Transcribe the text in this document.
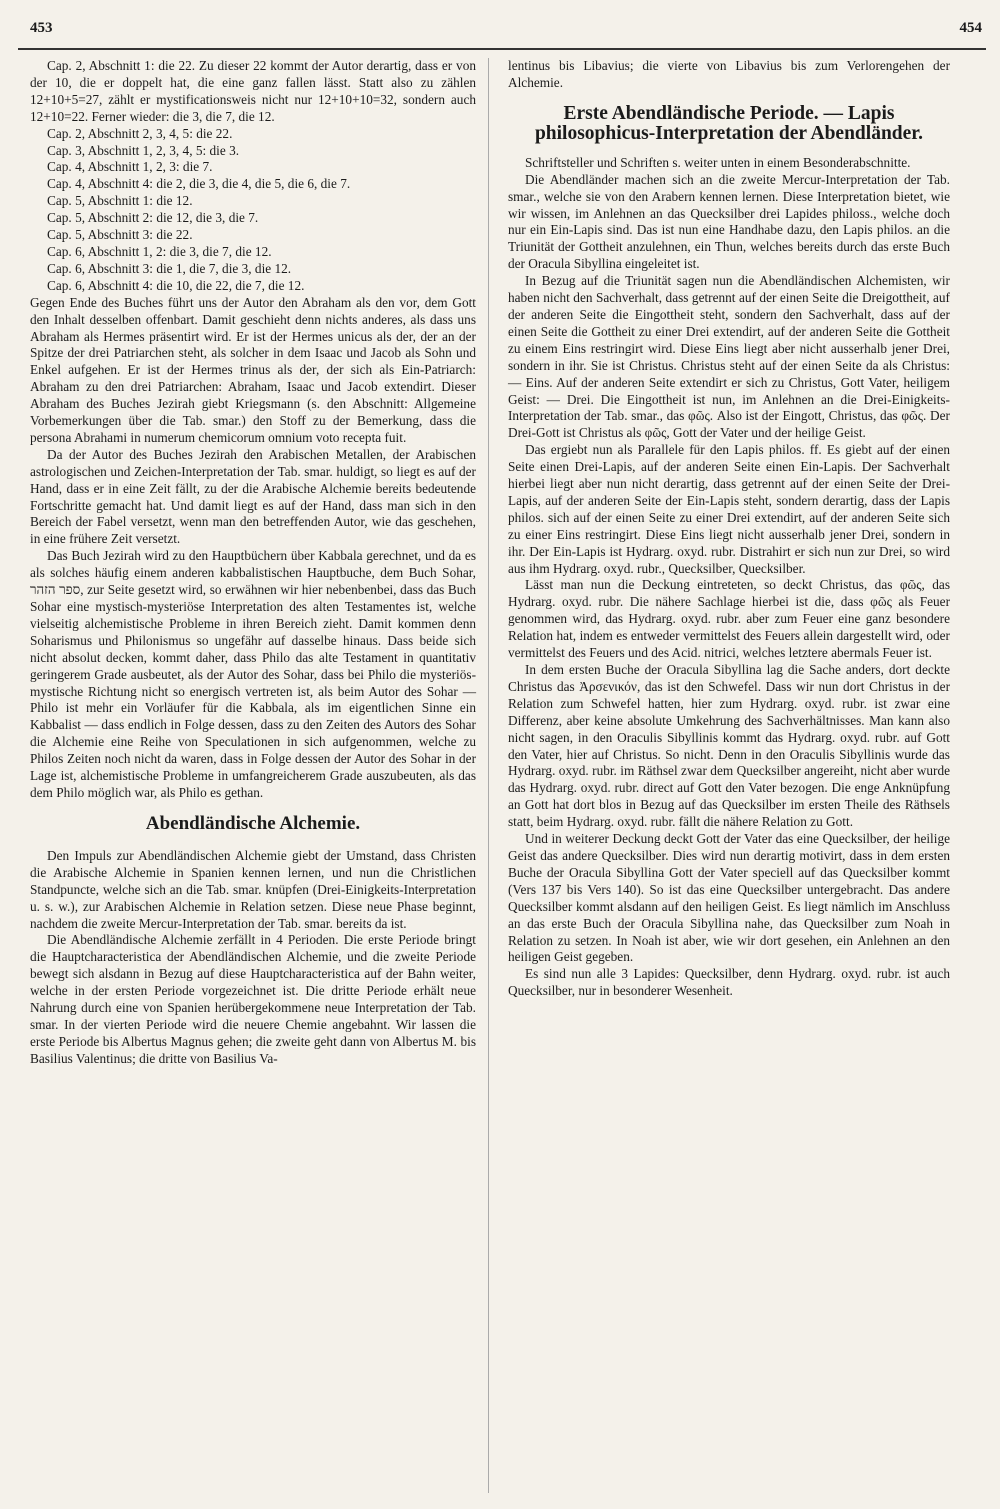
453	454

Cap. 2, Abschnitt 1: die 22. Zu dieser 22 kommt der Autor derartig, dass er von der 10, die er doppelt hat, die eine ganz fallen lässt. Statt also zu zählen 12+10+5=27, zählt er mystificationsweis nicht nur 12+10+10=32, sondern auch 12+10=22. Ferner wieder: die 3, die 7, die 12.

Cap. 2, Abschnitt 2, 3, 4, 5: die 22.

Cap. 3, Abschnitt 1, 2, 3, 4, 5: die 3.

Cap. 4, Abschnitt 1, 2, 3: die 7.

Cap. 4, Abschnitt 4: die 2, die 3, die 4, die 5, die 6, die 7.

Cap. 5, Abschnitt 1: die 12.

Cap. 5, Abschnitt 2: die 12, die 3, die 7.

Cap. 5, Abschnitt 3: die 22.

Cap. 6, Abschnitt 1, 2: die 3, die 7, die 12.

Cap. 6, Abschnitt 3: die 1, die 7, die 3, die 12.

Cap. 6, Abschnitt 4: die 10, die 22, die 7, die 12.

Gegen Ende des Buches führt uns der Autor den Abraham als den vor, dem Gott den Inhalt desselben offenbart. Damit geschieht denn nichts anderes, als dass uns Abraham als Hermes präsentirt wird. Er ist der Hermes unicus als der, der an der Spitze der drei Patriarchen steht, als solcher in dem Isaac und Jacob als Sohn und Enkel aufgehen. Er ist der Hermes trinus als der, der sich als Ein-Patriarch: Abraham zu den drei Patriarchen: Abraham, Isaac und Jacob extendirt. Dieser Abraham des Buches Jezirah giebt Kriegsmann (s. den Abschnitt: Allgemeine Vorbemerkungen über die Tab. smar.) den Stoff zu der Bemerkung, dass die persona Abrahami in numerum chemicorum omnium voto recepta fuit.

Da der Autor des Buches Jezirah den Arabischen Metallen, der Arabischen astrologischen und Zeichen-Interpretation der Tab. smar. huldigt, so liegt es auf der Hand, dass er in eine Zeit fällt, zu der die Arabische Alchemie bereits bedeutende Fortschritte gemacht hat. Und damit liegt es auf der Hand, dass man sich in den Bereich der Fabel versetzt, wenn man den betreffenden Autor, wie das geschehen, in eine frühere Zeit versetzt.

Das Buch Jezirah wird zu den Hauptbüchern über Kabbala gerechnet, und da es als solches häufig einem anderen kabbalistischen Hauptbuche, dem Buch Sohar, ספר הזהר, zur Seite gesetzt wird, so erwähnen wir hier nebenbenbei, dass das Buch Sohar eine mystisch-mysteriöse Interpretation des alten Testamentes ist, welche vielseitig alchemistische Probleme in ihren Bereich zieht. Damit kommen denn Soharismus und Philonismus so ungefähr auf dasselbe hinaus. Dass beide sich nicht absolut decken, kommt daher, dass Philo das alte Testament in quantitativ geringerem Grade ausbeutet, als der Autor des Sohar, dass bei Philo die mysteriös-mystische Richtung nicht so energisch vertreten ist, als beim Autor des Sohar — Philo ist mehr ein Vorläufer für die Kabbala, als im eigentlichen Sinne ein Kabbalist — dass endlich in Folge dessen, dass zu den Zeiten des Autors des Sohar die Alchemie eine Reihe von Speculationen in sich aufgenommen, welche zu Philos Zeiten noch nicht da waren, dass in Folge dessen der Autor des Sohar in der Lage ist, alchemistische Probleme in umfangreicherem Grade auszubeuten, als das dem Philo möglich war, als Philo es gethan.

Abendländische Alchemie.

Den Impuls zur Abendländischen Alchemie giebt der Umstand, dass Christen die Arabische Alchemie in Spanien kennen lernen, und nun die Christlichen Standpuncte, welche sich an die Tab. smar. knüpfen (Drei-Einigkeits-Interpretation u. s. w.), zur Arabischen Alchemie in Relation setzen. Diese neue Phase beginnt, nachdem die zweite Mercur-Interpretation der Tab. smar. bereits da ist.

Die Abendländische Alchemie zerfällt in 4 Perioden. Die erste Periode bringt die Hauptcharacteristica der Abendländischen Alchemie, und die zweite Periode bewegt sich alsdann in Bezug auf diese Hauptcharacteristica auf der Bahn weiter, welche in der ersten Periode vorgezeichnet ist. Die dritte Periode erhält neue Nahrung durch eine von Spanien herübergekommene neue Interpretation der Tab. smar. In der vierten Periode wird die neuere Chemie angebahnt. Wir lassen die erste Periode bis Albertus Magnus gehen; die zweite geht dann von Albertus M. bis Basilius Valentinus; die dritte von Basilius Va-

lentinus bis Libavius; die vierte von Libavius bis zum Verlorengehen der Alchemie.

Erste Abendländische Periode. — Lapis philosophicus-Interpretation der Abendländer.

Schriftsteller und Schriften s. weiter unten in einem Besonderabschnitte.

Die Abendländer machen sich an die zweite Mercur-Interpretation der Tab. smar., welche sie von den Arabern kennen lernen. Diese Interpretation bietet, wie wir wissen, im Anlehnen an das Quecksilber drei Lapides philoss., welche doch nur ein Ein-Lapis sind. Das ist nun eine Handhabe dazu, den Lapis philos. an die Triunität der Gottheit anzulehnen, ein Thun, welches bereits durch das erste Buch der Oracula Sibyllina eingeleitet ist.

In Bezug auf die Triunität sagen nun die Abendländischen Alchemisten, wir haben nicht den Sachverhalt, dass getrennt auf der einen Seite die Dreigottheit, auf der anderen Seite die Eingottheit steht, sondern den Sachverhalt, dass auf der einen Seite die Gottheit zu einer Drei extendirt, auf der anderen Seite die Gottheit zu einem Eins restringirt wird. Diese Eins liegt aber nicht ausserhalb jener Drei, sondern in ihr. Sie ist Christus. Christus steht auf der einen Seite da als Christus: — Eins. Auf der anderen Seite extendirt er sich zu Christus, Gott Vater, heiligem Geist: — Drei. Die Eingottheit ist nun, im Anlehnen an die Drei-Einigkeits-Interpretation der Tab. smar., das φῶς. Also ist der Eingott, Christus, das φῶς. Der Drei-Gott ist Christus als φῶς, Gott der Vater und der heilige Geist.

Das ergiebt nun als Parallele für den Lapis philos. ff. Es giebt auf der einen Seite einen Drei-Lapis, auf der anderen Seite einen Ein-Lapis. Der Sachverhalt hierbei liegt aber nun nicht derartig, dass getrennt auf der einen Seite der Drei-Lapis, auf der anderen Seite der Ein-Lapis steht, sondern derartig, dass der Lapis philos. sich auf der einen Seite zu einer Drei extendirt, auf der anderen Seite sich zu einer Eins restringirt. Diese Eins liegt nicht ausserhalb jener Drei, sondern in ihr. Der Ein-Lapis ist Hydrarg. oxyd. rubr. Distrahirt er sich nun zur Drei, so wird aus ihm Hydrarg. oxyd. rubr., Quecksilber, Quecksilber.

Lässt man nun die Deckung eintreteten, so deckt Christus, das φῶς, das Hydrarg. oxyd. rubr. Die nähere Sachlage hierbei ist die, dass φῶς als Feuer genommen wird, das Hydrarg. oxyd. rubr. aber zum Feuer eine ganz besondere Relation hat, indem es entweder vermittelst des Feuers allein dargestellt wird, oder vermittelst des Feuers und des Acid. nitrici, welches letztere abermals Feuer ist.

In dem ersten Buche der Oracula Sibyllina lag die Sache anders, dort deckte Christus das Ἀρσενικόν, das ist den Schwefel. Dass wir nun dort Christus in der Relation zum Schwefel hatten, hier zum Hydrarg. oxyd. rubr. ist zwar eine Differenz, aber keine absolute Umkehrung des Sachverhältnisses. Man kann also nicht sagen, in den Oraculis Sibyllinis kommt das Hydrarg. oxyd. rubr. auf Gott den Vater, hier auf Christus. So nicht. Denn in den Oraculis Sibyllinis wurde das Hydrarg. oxyd. rubr. im Räthsel zwar dem Quecksilber angereiht, nicht aber wurde das Hydrarg. oxyd. rubr. direct auf Gott den Vater bezogen. Die enge Anknüpfung an Gott hat dort blos in Bezug auf das Quecksilber im ersten Theile des Räthsels statt, beim Hydrarg. oxyd. rubr. fällt die nähere Relation zu Gott.

Und in weiterer Deckung deckt Gott der Vater das eine Quecksilber, der heilige Geist das andere Quecksilber. Dies wird nun derartig motivirt, dass in dem ersten Buche der Oracula Sibyllina Gott der Vater speciell auf das Quecksilber kommt (Vers 137 bis Vers 140). So ist das eine Quecksilber untergebracht. Das andere Quecksilber kommt alsdann auf den heiligen Geist. Es liegt nämlich im Anschluss an das erste Buch der Oracula Sibyllina nahe, das Quecksilber zum Noah in Relation zu setzen. In Noah ist aber, wie wir dort gesehen, ein Anlehnen an den heiligen Geist gegeben.

Es sind nun alle 3 Lapides: Quecksilber, denn Hydrarg. oxyd. rubr. ist auch Quecksilber, nur in besonderer Wesenheit.
